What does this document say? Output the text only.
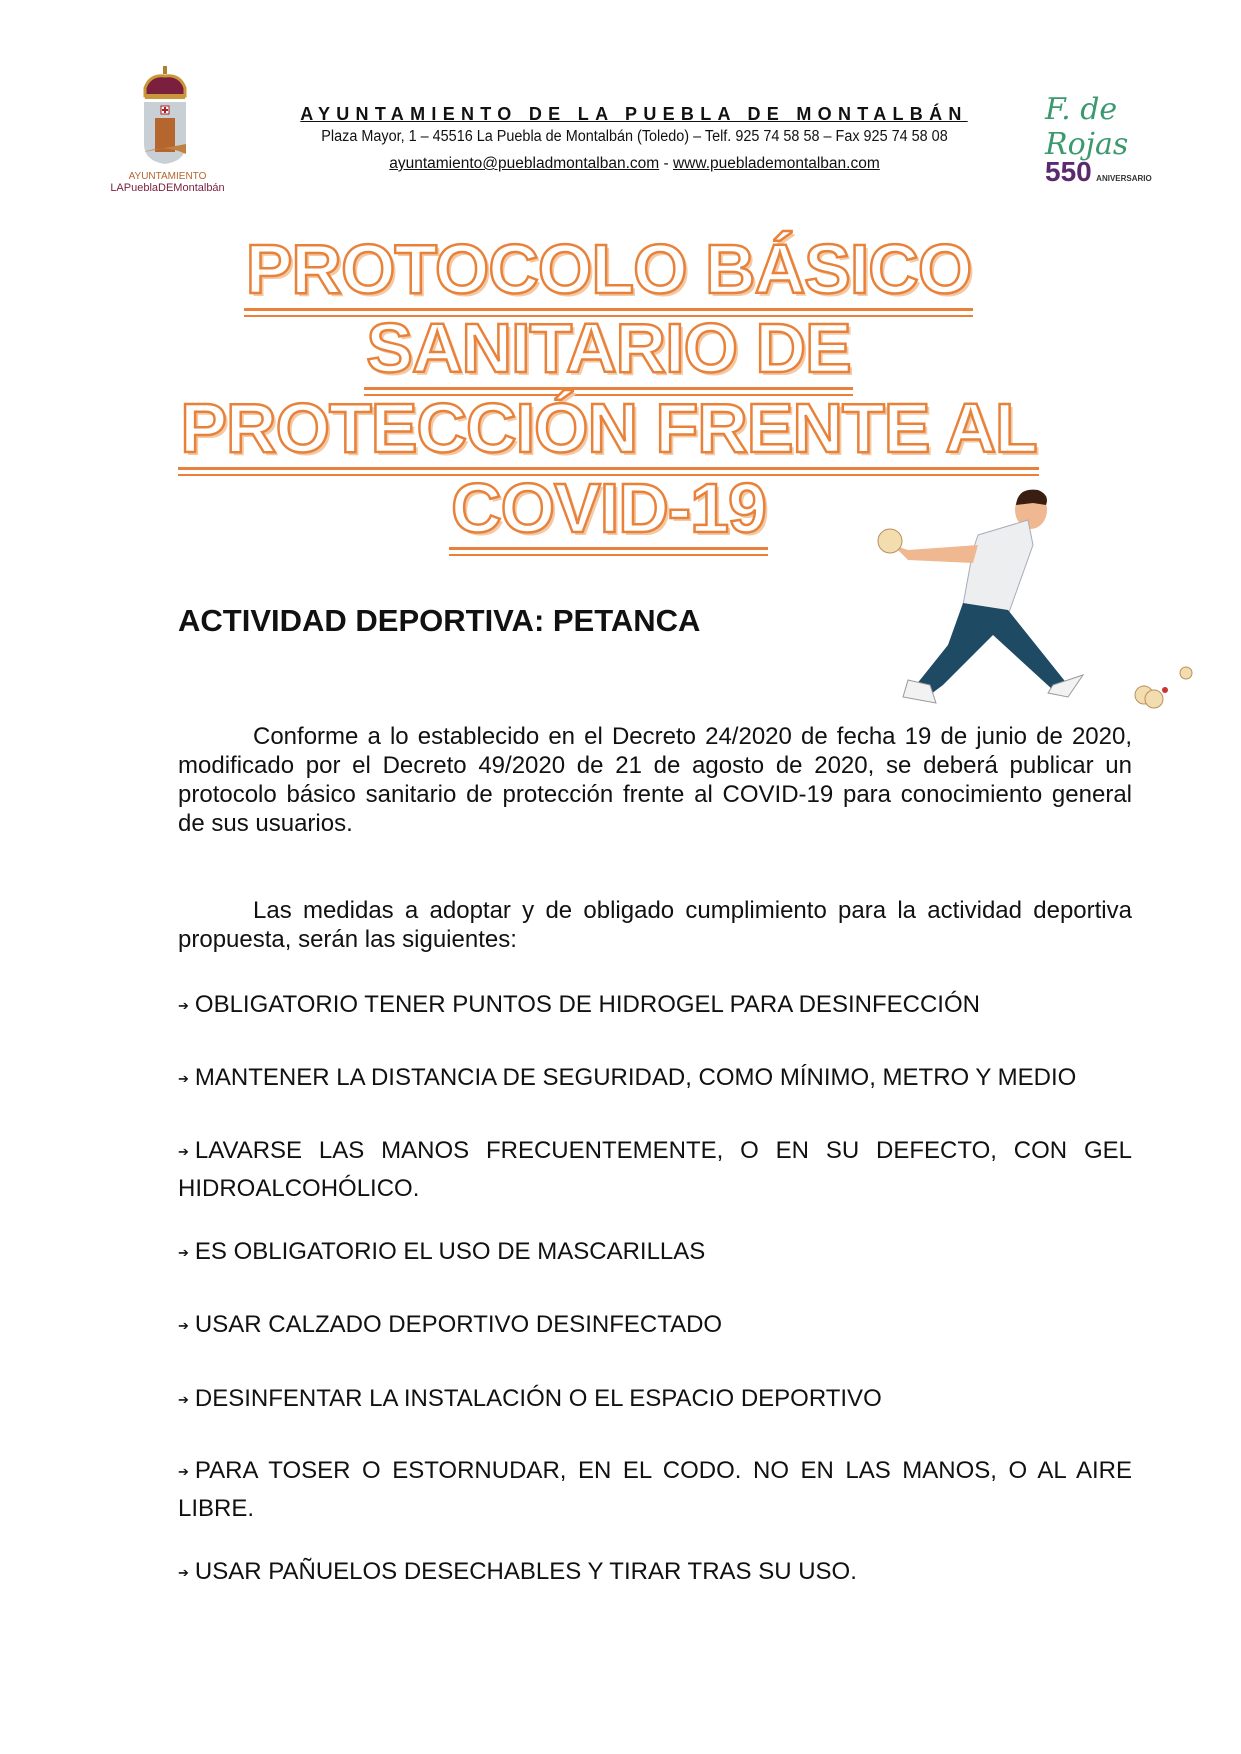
AYUNTAMIENTO
LAPueblaDEMontalbán
AYUNTAMIENTO DE LA PUEBLA DE MONTALBÁN
Plaza Mayor, 1 – 45516 La Puebla de Montalbán (Toledo) – Telf. 925 74 58 58 – Fax 925 74 58 08
ayuntamiento@puebladmontalban.com - www.pueblademontalban.com
F. de Rojas
550 ANIVERSARIO
PROTOCOLO BÁSICO
SANITARIO DE
PROTECCIÓN FRENTE AL
COVID-19
ACTIVIDAD DEPORTIVA: PETANCA
Conforme a lo establecido en el Decreto 24/2020 de fecha 19 de junio de 2020, modificado por el Decreto 49/2020 de 21 de agosto de 2020, se deberá publicar un protocolo básico sanitario de protección frente al COVID-19 para conocimiento general de sus usuarios.
Las medidas a adoptar y de obligado cumplimiento para la actividad deportiva propuesta, serán las siguientes:
➔ OBLIGATORIO TENER PUNTOS DE HIDROGEL PARA DESINFECCIÓN
➔ MANTENER LA DISTANCIA DE SEGURIDAD, COMO MÍNIMO, METRO Y MEDIO
➔ LAVARSE LAS MANOS FRECUENTEMENTE, O EN SU DEFECTO, CON GEL HIDROALCOHÓLICO.
➔ ES OBLIGATORIO EL USO DE MASCARILLAS
➔ USAR CALZADO DEPORTIVO DESINFECTADO
➔ DESINFENTAR LA INSTALACIÓN O EL ESPACIO DEPORTIVO
➔ PARA TOSER O ESTORNUDAR, EN EL CODO. NO EN LAS MANOS, O AL AIRE LIBRE.
➔ USAR PAÑUELOS DESECHABLES Y TIRAR TRAS SU USO.
